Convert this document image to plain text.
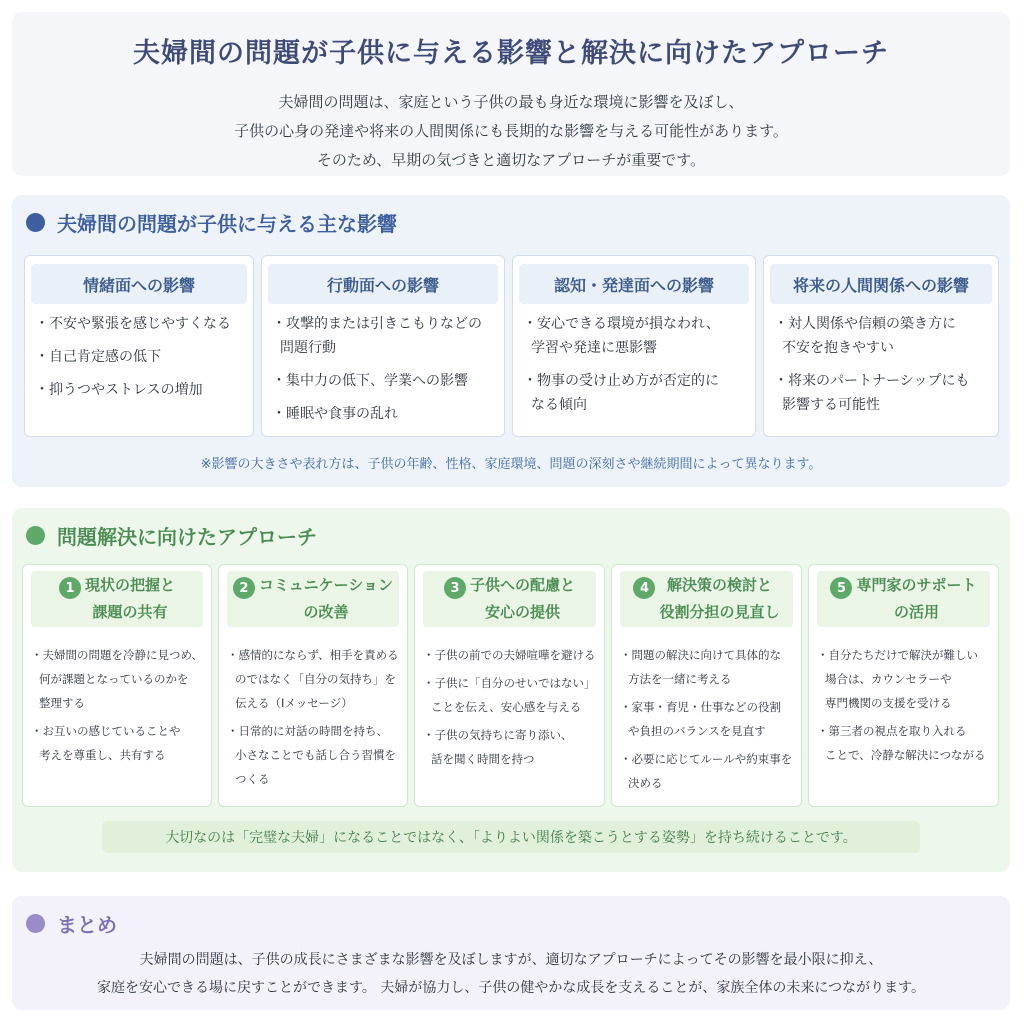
夫婦間の問題が子供に与える影響と解決に向けたアプローチ
夫婦間の問題は、家庭という子供の最も身近な環境に影響を及ぼし、
子供の心身の発達や将来の人間関係にも長期的な影響を与える可能性があります。
そのため、早期の気づきと適切なアプローチが重要です。
夫婦間の問題が子供に与える主な影響
情緒面への影響
・ 不安や緊張を感じやすくなる
・ 自己肯定感の低下
・ 抑うつやストレスの増加
行動面への影響
・ 攻撃的または引きこもりなどの
問題行動
・ 集中力の低下、学業への影響
・ 睡眠や食事の乱れ
認知・発達面への影響
・ 安心できる環境が損なわれ、
学習や発達に悪影響
・ 物事の受け止め方が否定的に
なる傾向
将来の人間関係への影響
・ 対人関係や信頼の築き方に
不安を抱きやすい
・ 将来のパートナーシップにも
影響する可能性
※影響の大きさや表れ方は、子供の年齢、性格、家庭環境、問題の深刻さや継続期間によって異なります。
問題解決に向けたアプローチ
1 現状の把握と
課題の共有
・ 夫婦間の問題を冷静に見つめ、
何が課題となっているのかを
整理する
・ お互いの感じていることや
考えを尊重し、共有する
2 コミュニケーション
の改善
・ 感情的にならず、相手を責める
のではなく「自分の気持ち」を
伝える（Iメッセージ）
・ 日常的に対話の時間を持ち、
小さなことでも話し合う習慣を
つくる
3 子供への配慮と
安心の提供
・ 子供の前での夫婦喧嘩を避ける
・ 子供に「自分のせいではない」
ことを伝え、安心感を与える
・ 子供の気持ちに寄り添い、
話を聞く時間を持つ
4	解決策の検討と
役割分担の見直し
・ 問題の解決に向けて具体的な
方法を一緒に考える
・ 家事・育児・仕事などの役割
や負担のバランスを見直す
・ 必要に応じてルールや約束事を
決める
5 専門家のサポート
の活用
・ 自分たちだけで解決が難しい
場合は、カウンセラーや
専門機関の支援を受ける
・ 第三者の視点を取り入れる
ことで、冷静な解決につながる
大切なのは「完璧な夫婦」になることではなく、「よりよい関係を築こうとする姿勢」を持ち続けることです。
まとめ
夫婦間の問題は、子供の成長にさまざまな影響を及ぼしますが、適切なアプローチによってその影響を最小限に抑え、
家庭を安心できる場に戻すことができます。 夫婦が協力し、子供の健やかな成長を支えることが、家族全体の未来につながります。
